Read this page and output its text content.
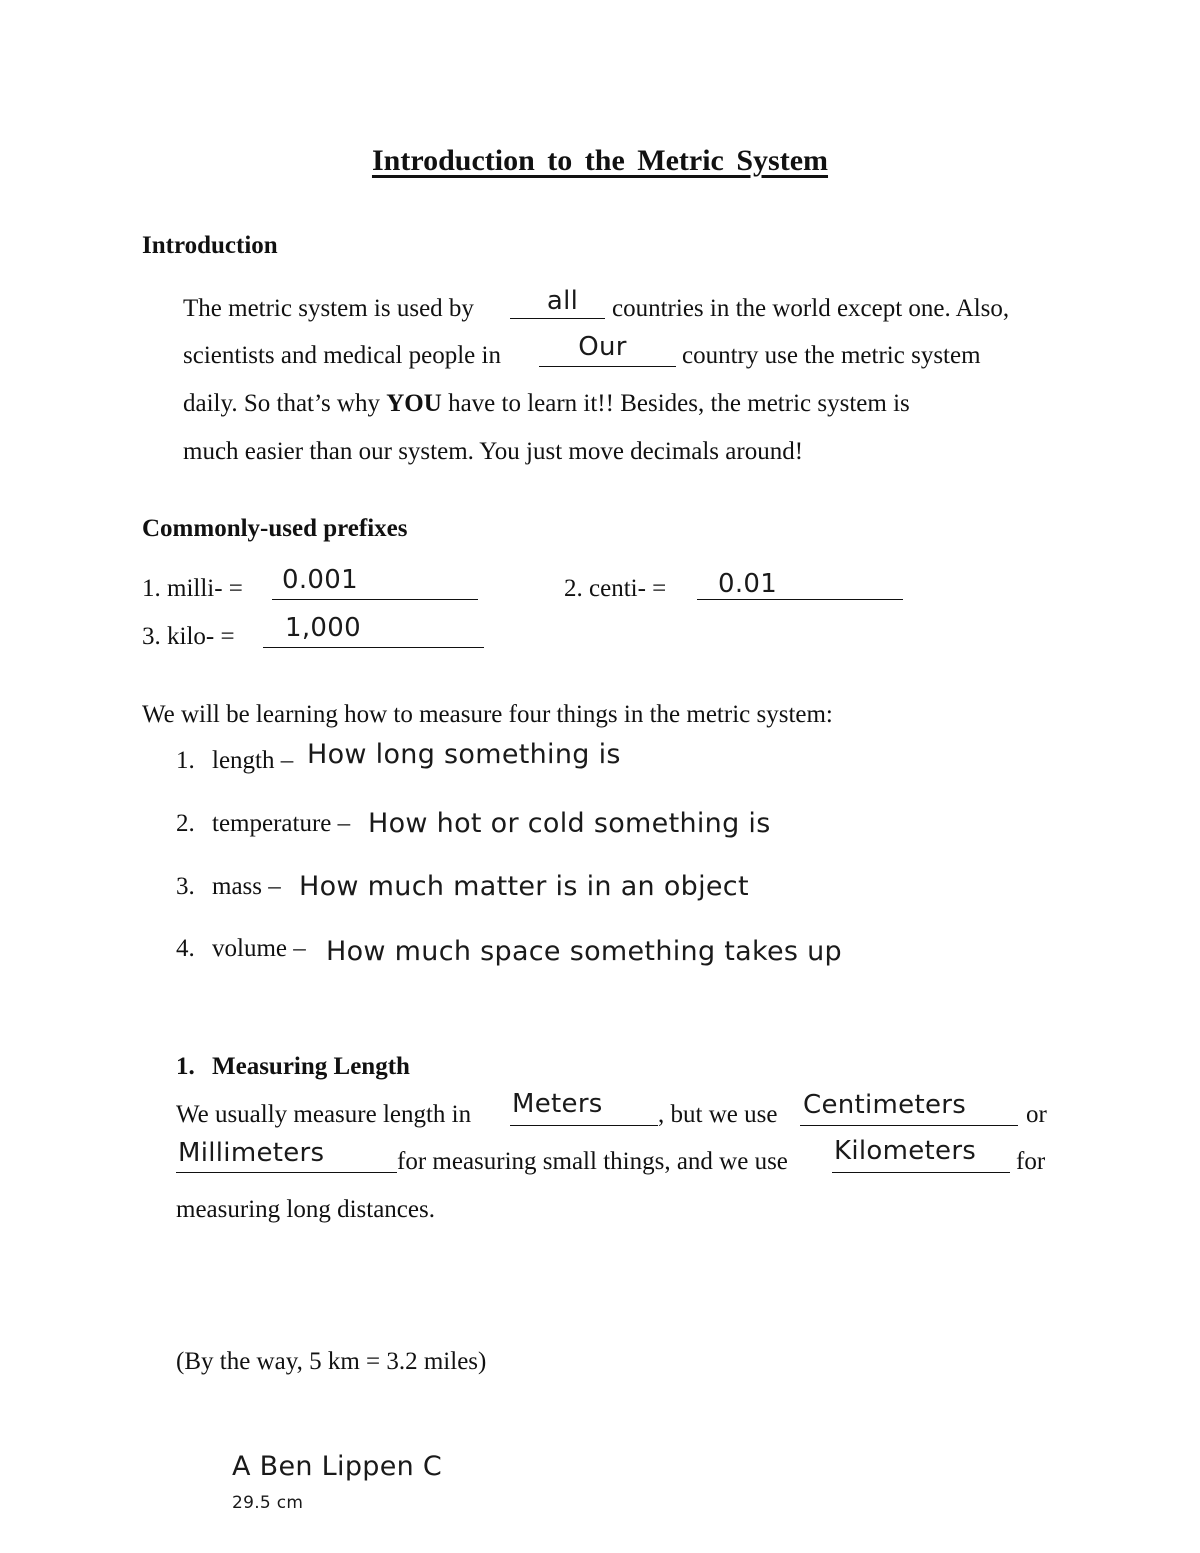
Introduction to the Metric System
Introduction
The metric system is used by	all	countries in the world except one. Also,
scientists and medical people in	Our	country use the metric system
daily. So that’s why YOU have to learn it!! Besides, the metric system is
much easier than our system. You just move decimals around!
Commonly-used prefixes
1. milli- = 0.001	2. centi- = 0.01
3. kilo- = 1,000
We will be learning how to measure four things in the metric system:
1. length – How long something is
2. temperature – How hot or cold something is
3. mass – How much matter is in an object
4. volume – How much space something takes up
1. Measuring Length
We usually measure length in Meters , but we use Centimeters or
Millimeters	for measuring small things, and we use Kilometers for
measuring long distances.
(By the way, 5 km = 3.2 miles)
A Ben Lippen C
29.5 cm
